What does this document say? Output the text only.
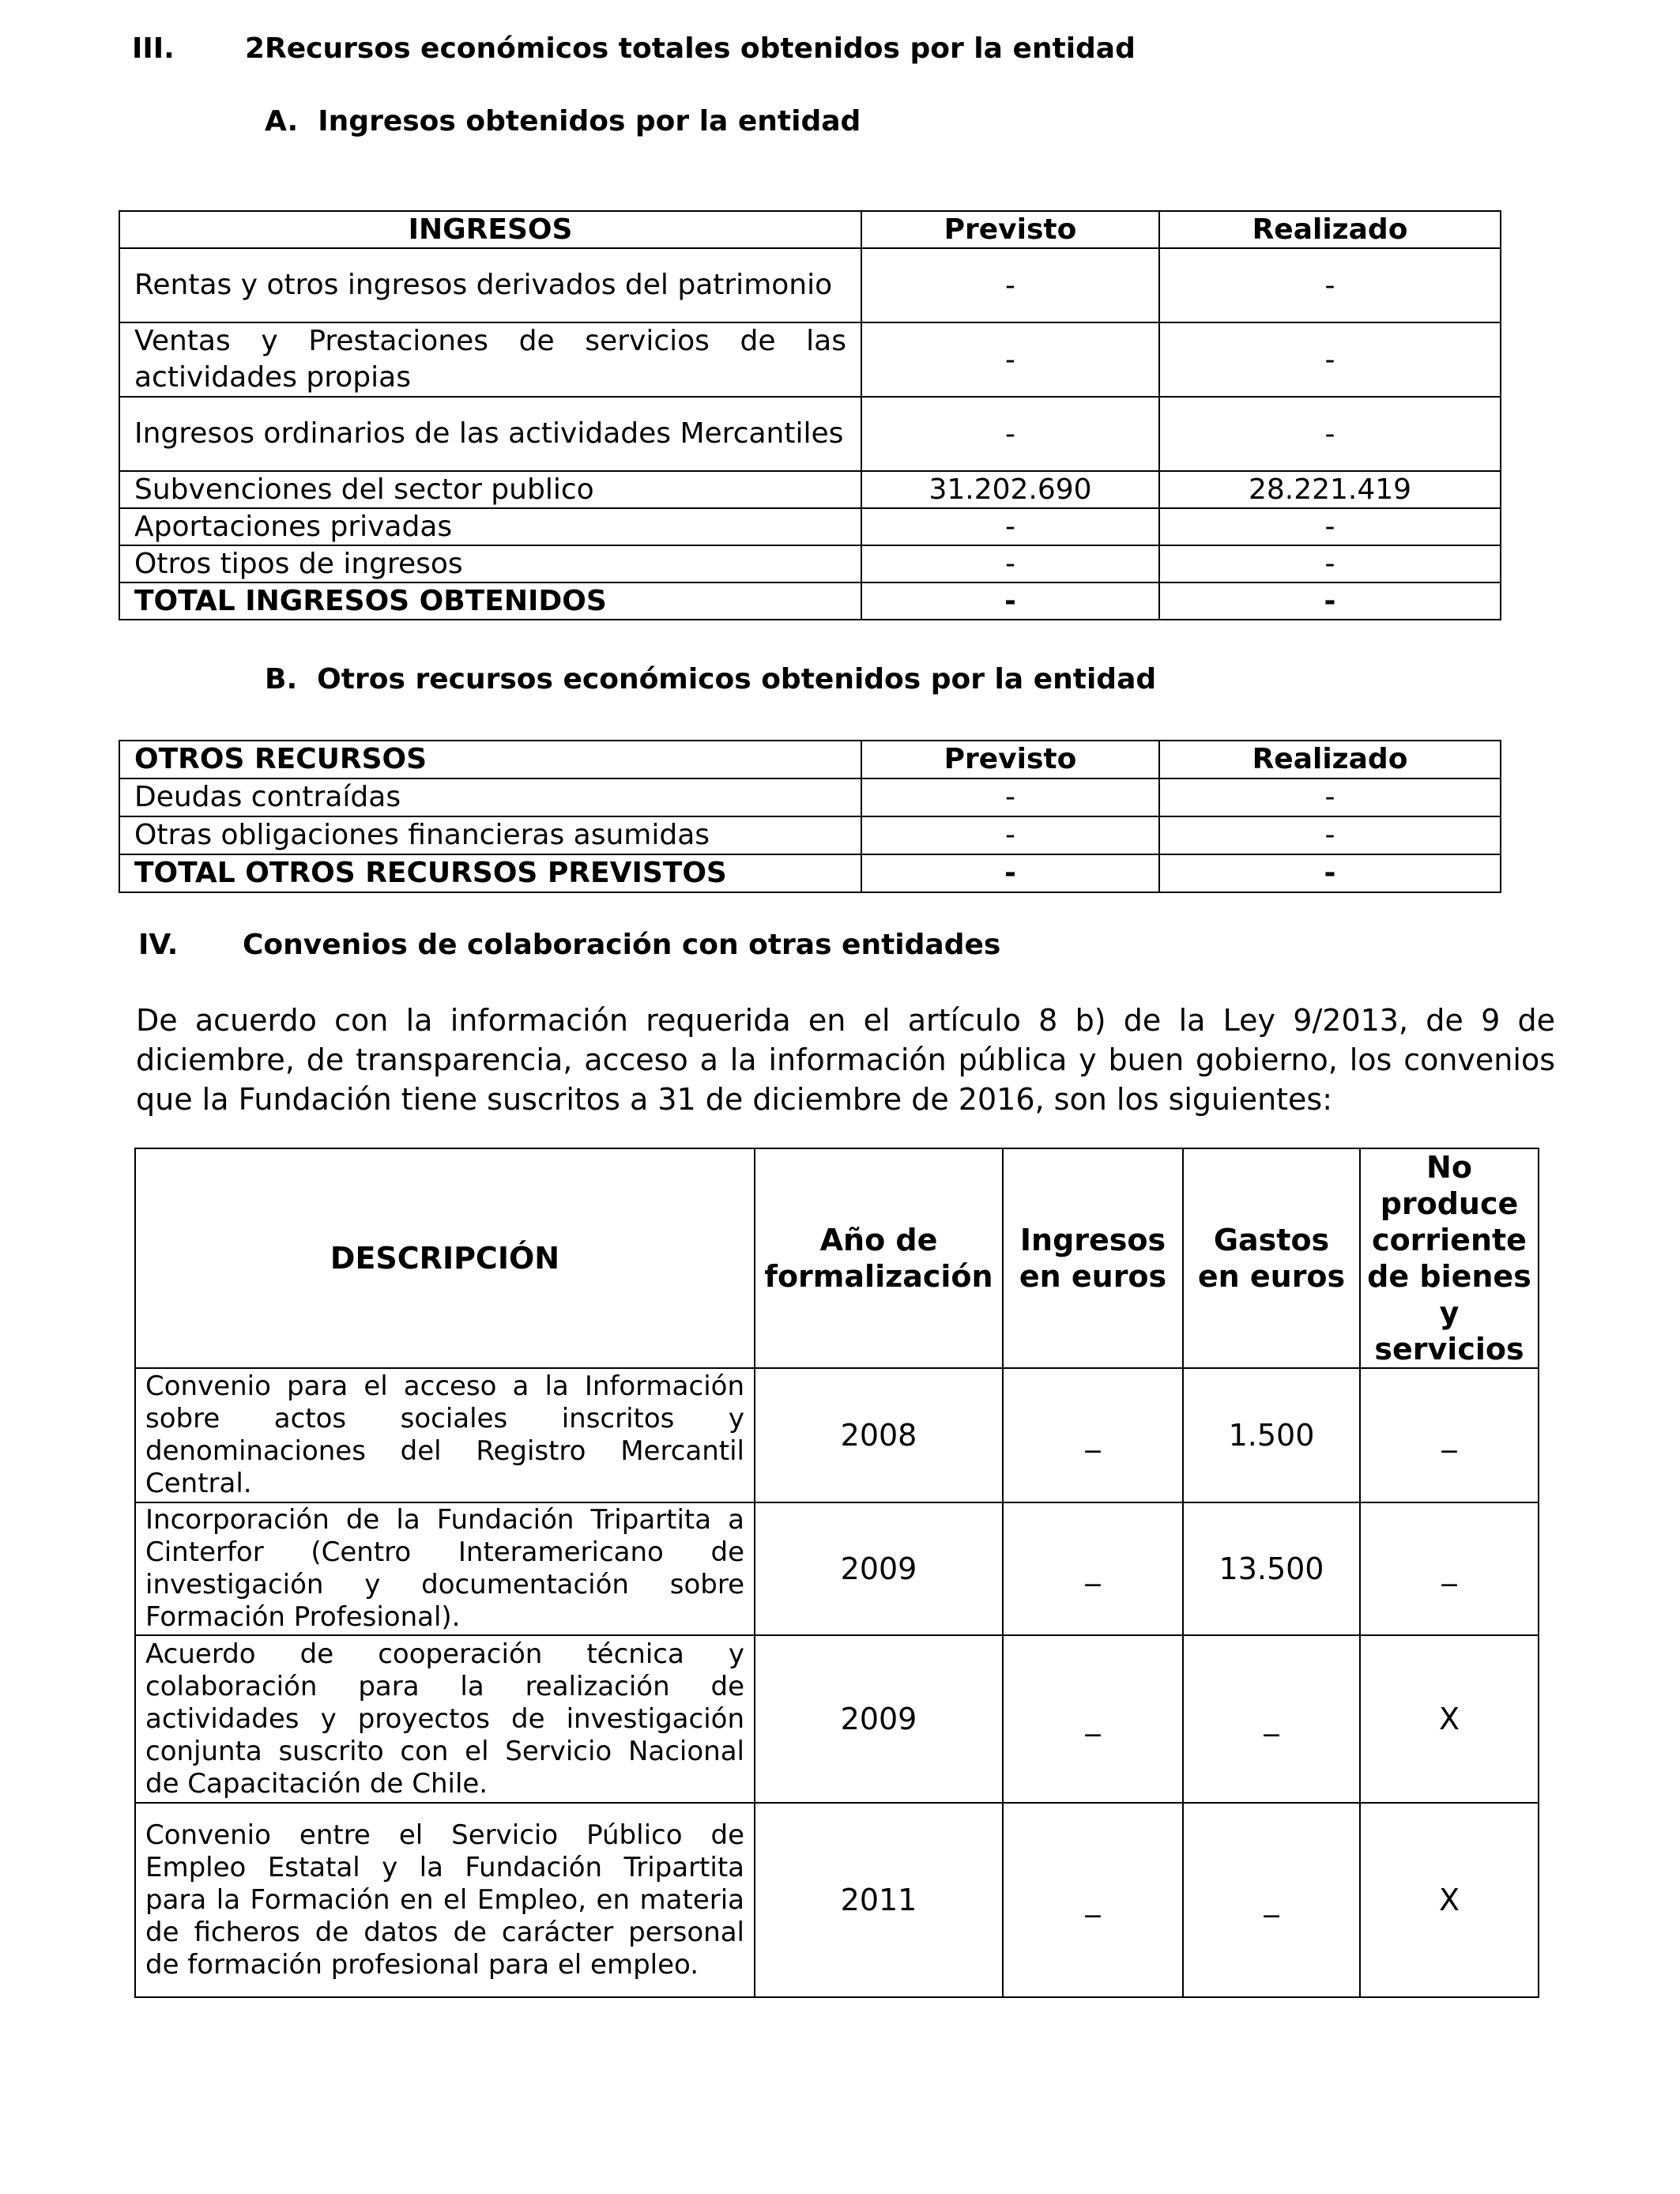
III. 2Recursos económicos totales obtenidos por la entidad
A.  Ingresos obtenidos por la entidad
INGRESOS	Previsto	Realizado
Rentas y otros ingresos derivados del patrimonio	-	-
Ventas y Prestaciones de servicios de las actividades propias	-	-
Ingresos ordinarios de las actividades Mercantiles	-	-
Subvenciones del sector publico	31.202.690	28.221.419
Aportaciones privadas	-	-
Otros tipos de ingresos	-	-
TOTAL INGRESOS OBTENIDOS	-	-
B.  Otros recursos económicos obtenidos por la entidad
OTROS RECURSOS	Previsto	Realizado
Deudas contraídas	-	-
Otras obligaciones financieras asumidas	-	-
TOTAL OTROS RECURSOS PREVISTOS	-	-
IV. Convenios de colaboración con otras entidades
De acuerdo con la información requerida en el artículo 8 b) de la Ley 9/2013, de 9 de diciembre, de transparencia, acceso a la información pública y buen gobierno, los convenios que la Fundación tiene suscritos a 31 de diciembre de 2016, son los siguientes:
DESCRIPCIÓN	Año de formalización	Ingresos en euros	Gastos en euros	No produce corriente de bienes y servicios
Convenio para el acceso a la Información sobre actos sociales inscritos y denominaciones del Registro Mercantil Central.	2008	_	1.500	_
Incorporación de la Fundación Tripartita a Cinterfor (Centro Interamericano de investigación y documentación sobre Formación Profesional).	2009	_	13.500	_
Acuerdo de cooperación técnica y colaboración para la realización de actividades y proyectos de investigación conjunta suscrito con el Servicio Nacional de Capacitación de Chile.	2009	_	_	X
Convenio entre el Servicio Público de Empleo Estatal y la Fundación Tripartita para la Formación en el Empleo, en materia de ficheros de datos de carácter personal de formación profesional para el empleo.	2011	_	_	X
